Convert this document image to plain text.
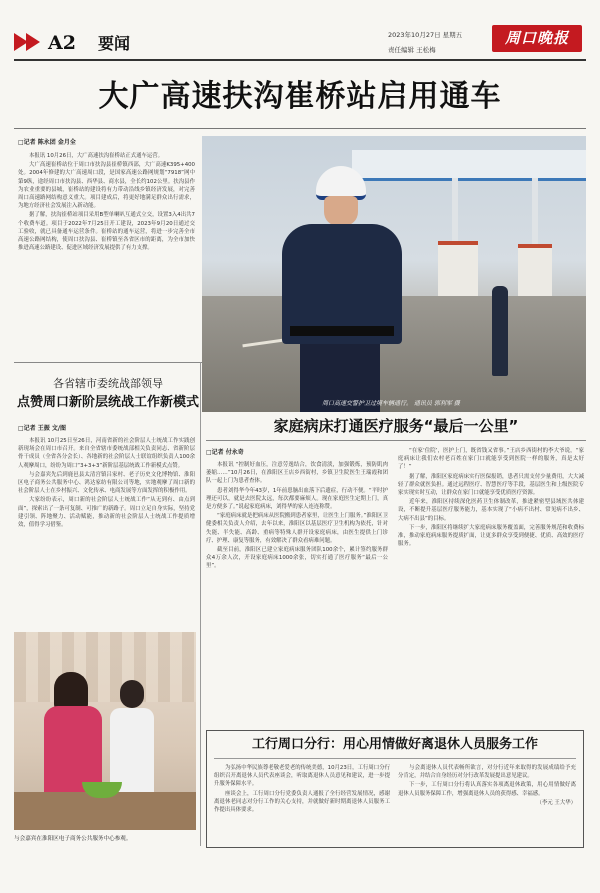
A2 要闻	2023年10月27日 星期五
责任编辑 王松梅
周口晚报
大广高速扶沟崔桥站启用通车
□记者 陈永团 金月全

本报讯 10月26日，大广高速扶沟崔桥站正式通车运营。

大广高速崔桥站位于周口市扶沟县崔桥镇西部，大广高速K395+400处。2004年修建的大广高速周口段，是国家高速公路网规划“7918”网中第9纵，途经周口市扶沟县、西华县、商水县，全长约102公里。扶沟县作为农业重要的县城，崔桥站的建设将有力带动沿线乡镇经济发展，对完善周口高速路网结构意义重大。项目建成后，将更好地满足群众出行需求，为地方经济社会发展注入新动能。

据了解，扶沟崔桥站项目采用B型单喇叭互通式立交，设置3入4出共7个收费车道。项目于2022年7月25日开工建设，2023年9月20日通过交工验收，就已具备通车运营条件。崔桥站的通车运营，将进一步完善全市高速公路网结构，使周口扶沟县、崔桥镇至各省区市的距离，为全市加快推进高速公路建设、促进区域经济发展提供了有力支撑。

周口高速交警护卫过境车辆通行。 通讯员 郭利军 摄
各省辖市委统战部领导
点赞周口新阶层统战工作新模式
□记者 王振 文/图

本报讯 10月25日至26日，河南省新的社会阶层人士统战工作实践创新现场会在周口市召开。来自全省辖市委统战部相关负责同志、省新阶层骨干成员（全省各分会长）、各地新的社会阶层人士联谊组织负责人100余人观摩周口，纷纷为周口“3+3+3”新阶层基层统战工作新模式点赞。

与会嘉宾先后到鹿邑县太清宫镇吕家村、老子历史文化博物馆、淮阳区电子商务公共服务中心、鸿达家纺有限公司等地，实地观摩了周口新的社会阶层人士在乡村振兴、文化传承、电商发展等方面发挥的积极作用。

大家纷纷表示，周口新的社会阶层人士统战工作“从无到有、由点到面”，探索出了一条可复制、可推广的新路子。周口立足自身实际，坚持党建引领、阵地聚力、活动赋能，推动新的社会阶层人士统战工作提质增效，值得学习借鉴。

与会嘉宾在淮阳区电子商务公共服务中心参观。
家庭病床打通医疗服务“最后一公里”
□记者 付永奇

本报讯 “控制好血压，注意劳逸结合，饮食清淡，加强锻炼，预防肌肉萎缩……”10月26日，在淮阳区王店乡西街村，乡镇卫生院医生王瑞霞和团队一起上门为患者查体。

患者刘得华今年43岁，1年前患脑出血落下后遗症，行动不便。“平时护理还可以，就是去医院太远，每次都要麻烦人。现在家庭医生定期上门，真是方便多了。”说起家庭病床，刘得华的家人连连称赞。

“家庭病床就是把病床从医院搬到患者家里，让医生上门服务。”淮阳区卫健委相关负责人介绍，去年以来，淮阳区以基层医疗卫生机构为依托，针对失能、半失能、高龄、重病等特殊人群开设家庭病床，由医生提供上门诊疗、护理、康复等服务，有效解决了群众看病难问题。

截至目前，淮阳区已建立家庭病床服务团队100余个，累计签约服务群众4万余人次，开设家庭病床1000余张，切实打通了医疗服务“最后一公里”。

“在家‘住院’，医护上门，既省钱又省事。”王店乡西街村的李大爷说，“家庭病床让我们农村老百姓在家门口就能享受到医院一样的服务，真是太好了！”

据了解，淮阳区家庭病床实行医保报销，患者只需支付少量费用，大大减轻了群众就医负担。通过远程医疗、智慧医疗等手段，基层医生和上级医院专家实现实时互动，让群众在家门口就能享受优质医疗资源。

近年来，淮阳区持续深化医药卫生体制改革，推进紧密型县域医共体建设，不断提升基层医疗服务能力，基本实现了“小病不出村、常见病不出乡、大病不出县”的目标。

下一步，淮阳区将继续扩大家庭病床服务覆盖面，完善服务规范和收费标准，推动家庭病床服务提质扩面，让更多群众享受到便捷、优质、高效的医疗服务。

工行周口分行：用心用情做好离退休人员服务工作

为弘扬中华民族尊老敬老爱老的传统美德，10月23日，工行周口分行组织召开离退休人员代表座谈会，听取离退休人员意见和建议，进一步提升服务保障水平。

座谈会上，工行周口分行党委负责人通报了全行经营发展情况，感谢离退休老同志对分行工作的关心支持，并就做好新时期离退休人员服务工作提出具体要求。

与会离退休人员代表畅所欲言，对分行近年来取得的发展成绩给予充分肯定，并结合自身经历对分行改革发展提出意见建议。

下一步，工行周口分行将认真落实各项离退休政策，用心用情做好离退休人员服务保障工作，增强离退休人员的获得感、幸福感。

（李元 王大华）
